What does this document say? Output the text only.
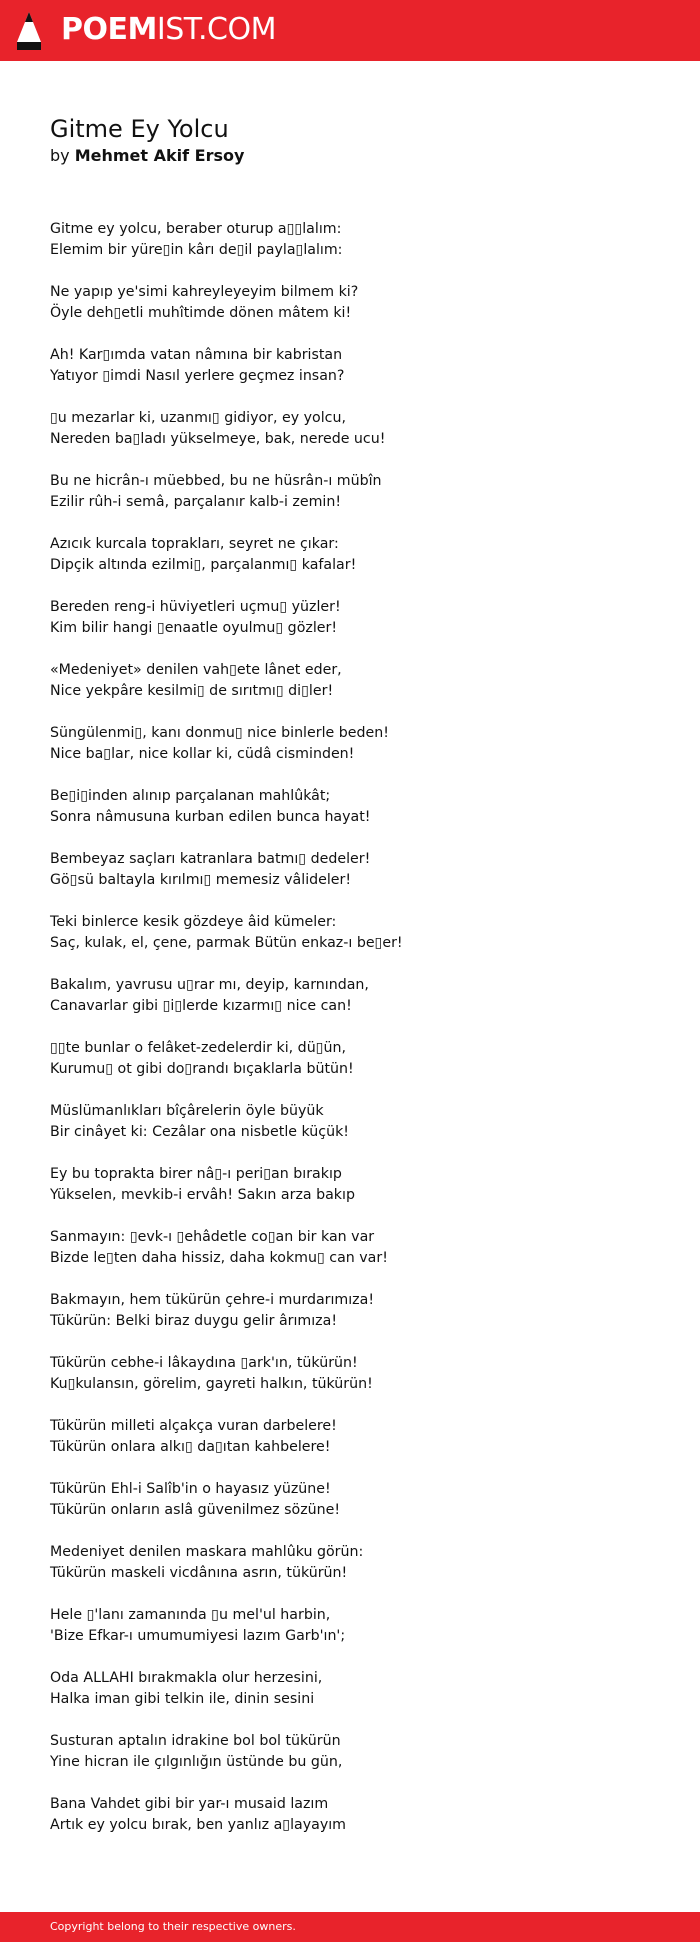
POEMIST.COM
Gitme Ey Yolcu
by Mehmet Akif Ersoy

Gitme ey yolcu, beraber oturup a▯▯lalım:
Elemim bir yüre▯in kârı de▯il payla▯lalım:

Ne yapıp ye'simi kahreyleyeyim bilmem ki?
Öyle deh▯etli muhîtimde dönen mâtem ki!

Ah! Kar▯ımda vatan nâmına bir kabristan
Yatıyor ▯imdi Nasıl yerlere geçmez insan?

▯u mezarlar ki, uzanmı▯ gidiyor, ey yolcu,
Nereden ba▯ladı yükselmeye, bak, nerede ucu!

Bu ne hicrân-ı müebbed, bu ne hüsrân-ı mübîn
Ezilir rûh-i semâ, parçalanır kalb-i zemin!

Azıcık kurcala toprakları, seyret ne çıkar:
Dipçik altında ezilmi▯, parçalanmı▯ kafalar!

Bereden reng-i hüviyetleri uçmu▯ yüzler!
Kim bilir hangi ▯enaatle oyulmu▯ gözler!

«Medeniyet» denilen vah▯ete lânet eder,
Nice yekpâre kesilmi▯ de sırıtmı▯ di▯ler!

Süngülenmi▯, kanı donmu▯ nice binlerle beden!
Nice ba▯lar, nice kollar ki, cüdâ cisminden!

Be▯i▯inden alınıp parçalanan mahlûkât;
Sonra nâmusuna kurban edilen bunca hayat!

Bembeyaz saçları katranlara batmı▯ dedeler!
Gö▯sü baltayla kırılmı▯ memesiz vâlideler!

Teki binlerce kesik gözdeye âid kümeler:
Saç, kulak, el, çene, parmak Bütün enkaz-ı be▯er!

Bakalım, yavrusu u▯rar mı, deyip, karnından,
Canavarlar gibi ▯i▯lerde kızarmı▯ nice can!

▯▯te bunlar o felâket-zedelerdir ki, dü▯ün,
Kurumu▯ ot gibi do▯randı bıçaklarla bütün!

Müslümanlıkları bîçârelerin öyle büyük
Bir cinâyet ki: Cezâlar ona nisbetle küçük!

Ey bu toprakta birer nâ▯-ı peri▯an bırakıp
Yükselen, mevkib-i ervâh! Sakın arza bakıp

Sanmayın: ▯evk-ı ▯ehâdetle co▯an bir kan var
Bizde le▯ten daha hissiz, daha kokmu▯ can var!

Bakmayın, hem tükürün çehre-i murdarımıza!
Tükürün: Belki biraz duygu gelir ârımıza!

Tükürün cebhe-i lâkaydına ▯ark'ın, tükürün!
Ku▯kulansın, görelim, gayreti halkın, tükürün!

Tükürün milleti alçakça vuran darbelere!
Tükürün onlara alkı▯ da▯ıtan kahbelere!

Tükürün Ehl-i Salîb'in o hayasız yüzüne!
Tükürün onların aslâ güvenilmez sözüne!

Medeniyet denilen maskara mahlûku görün:
Tükürün maskeli vicdânına asrın, tükürün!

Hele ▯'lanı zamanında ▯u mel'ul harbin,
'Bize Efkar-ı umumumiyesi lazım Garb'ın';

Oda ALLAHI bırakmakla olur herzesini,
Halka iman gibi telkin ile, dinin sesini

Susturan aptalın idrakine bol bol tükürün
Yine hicran ile çılgınlığın üstünde bu gün,

Bana Vahdet gibi bir yar-ı musaid lazım
Artık ey yolcu bırak, ben yanlız a▯layayım

Copyright belong to their respective owners.
